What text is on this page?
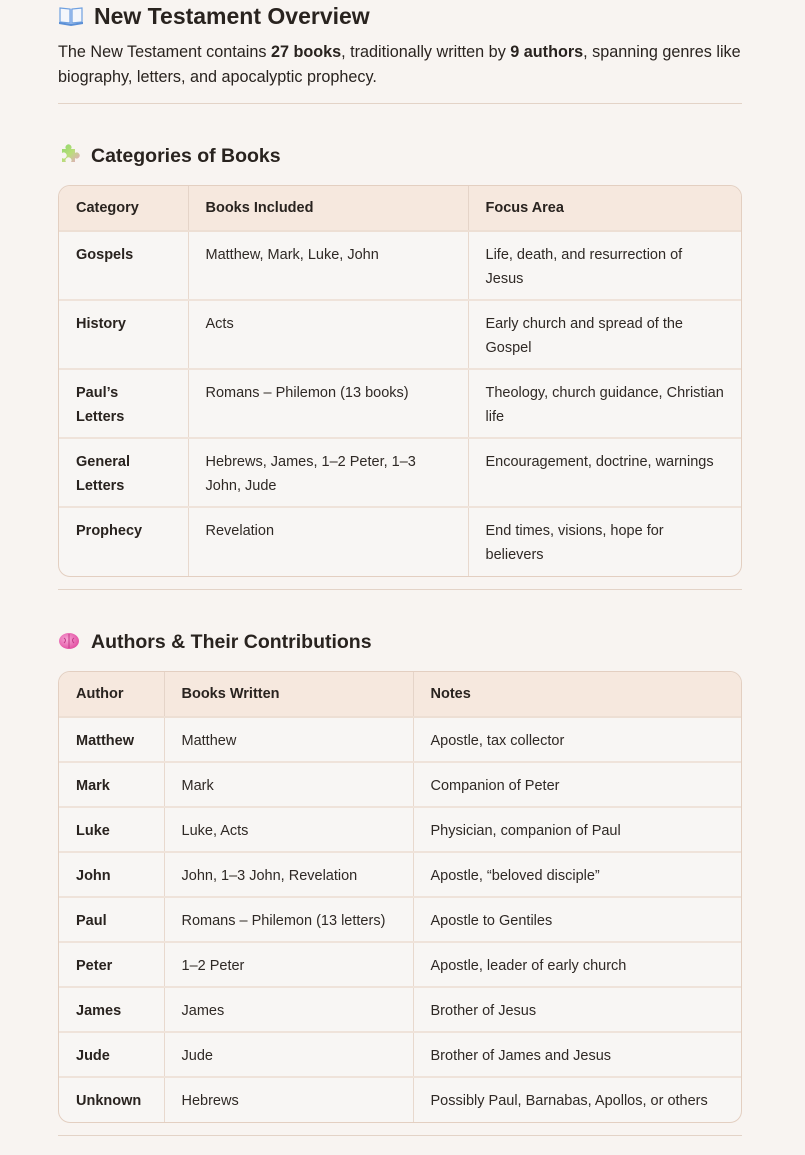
New Testament Overview

The New Testament contains 27 books, traditionally written by 9 authors, spanning genres like biography, letters, and apocalyptic prophecy.

Categories of Books
Category	Books Included	Focus Area
Gospels	Matthew, Mark, Luke, John	Life, death, and resurrection of Jesus
History	Acts	Early church and spread of the Gospel
Paul’s Letters	Romans – Philemon (13 books)	Theology, church guidance, Christian life
General Letters	Hebrews, James, 1–2 Peter, 1–3 John, Jude	Encouragement, doctrine, warnings
Prophecy	Revelation	End times, visions, hope for believers
Authors & Their Contributions
Author	Books Written	Notes
Matthew	Matthew	Apostle, tax collector
Mark	Mark	Companion of Peter
Luke	Luke, Acts	Physician, companion of Paul
John	John, 1–3 John, Revelation	Apostle, “beloved disciple”
Paul	Romans – Philemon (13 letters)	Apostle to Gentiles
Peter	1–2 Peter	Apostle, leader of early church
James	James	Brother of Jesus
Jude	Jude	Brother of James and Jesus
Unknown	Hebrews	Possibly Paul, Barnabas, Apollos, or others
